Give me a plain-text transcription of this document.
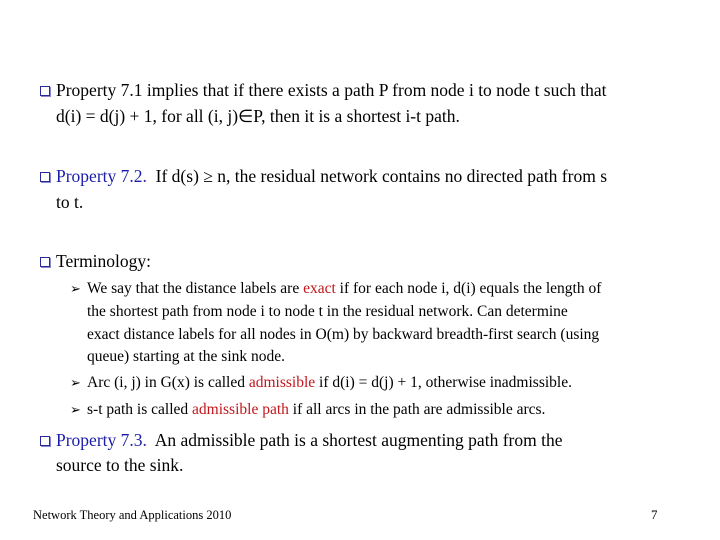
Property 7.1 implies that if there exists a path P from node i to node t such that
d(i) = d(j) + 1, for all (i, j)∈P, then it is a shortest i-t path.
Property 7.2.  If d(s) ≥ n, the residual network contains no directed path from s
to t.
Terminology:
➢ We say that the distance labels are exact if for each node i, d(i) equals the length of
the shortest path from node i to node t in the residual network. Can determine
exact distance labels for all nodes in O(m) by backward breadth-first search (using
queue) starting at the sink node.
➢ Arc (i, j) in G(x) is called admissible if d(i) = d(j) + 1, otherwise inadmissible.
➢ s-t path is called admissible path if all arcs in the path are admissible arcs.
Property 7.3.  An admissible path is a shortest augmenting path from the
source to the sink.
Network Theory and Applications 2010	7
